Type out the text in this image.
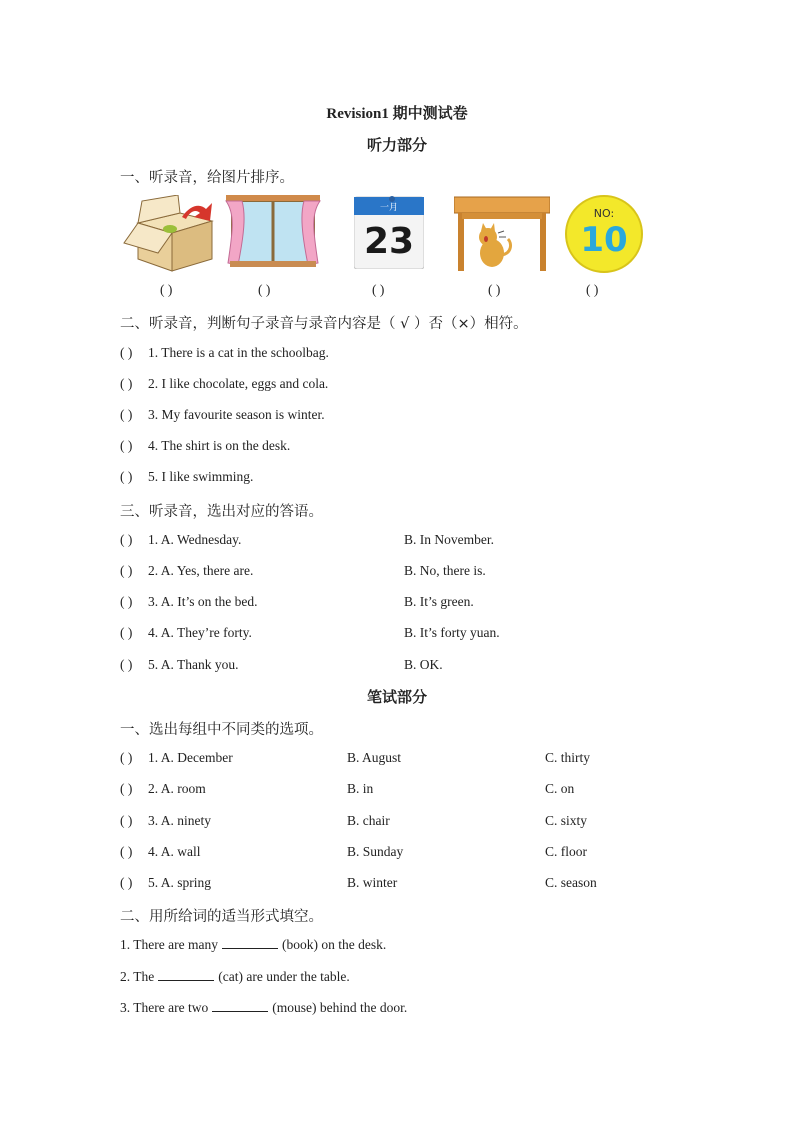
Revision1 期中测试卷
听力部分
一、听录音，给图片排序。
一月
23
NO:
10
( )	( )	( )	( )	( )
二、听录音，判断句子录音与录音内容是（ √ ）否（×）相符。
( ) 1. There is a cat in the schoolbag.
( ) 2. I like chocolate, eggs and cola.
( ) 3. My favourite season is winter.
( ) 4. The shirt is on the desk.
( ) 5. I like swimming.
三、听录音，选出对应的答语。
( ) 1. A. Wednesday.	B. In November.
( ) 2. A. Yes, there are.	B. No, there is.
( ) 3. A. It’s on the bed.	B. It’s green.
( ) 4. A. They’re forty.	B. It’s forty yuan.
( ) 5. A. Thank you.	B. OK.
笔试部分
一、选出每组中不同类的选项。
( ) 1. A. December	B. August	C. thirty
( ) 2. A. room	B. in	C. on
( ) 3. A. ninety	B. chair	C. sixty
( ) 4. A. wall	B. Sunday	C. floor
( ) 5. A. spring	B. winter	C. season
二、用所给词的适当形式填空。
1. There are many	(book) on the desk.
2. The	(cat) are under the table.
3. There are two	(mouse) behind the door.
